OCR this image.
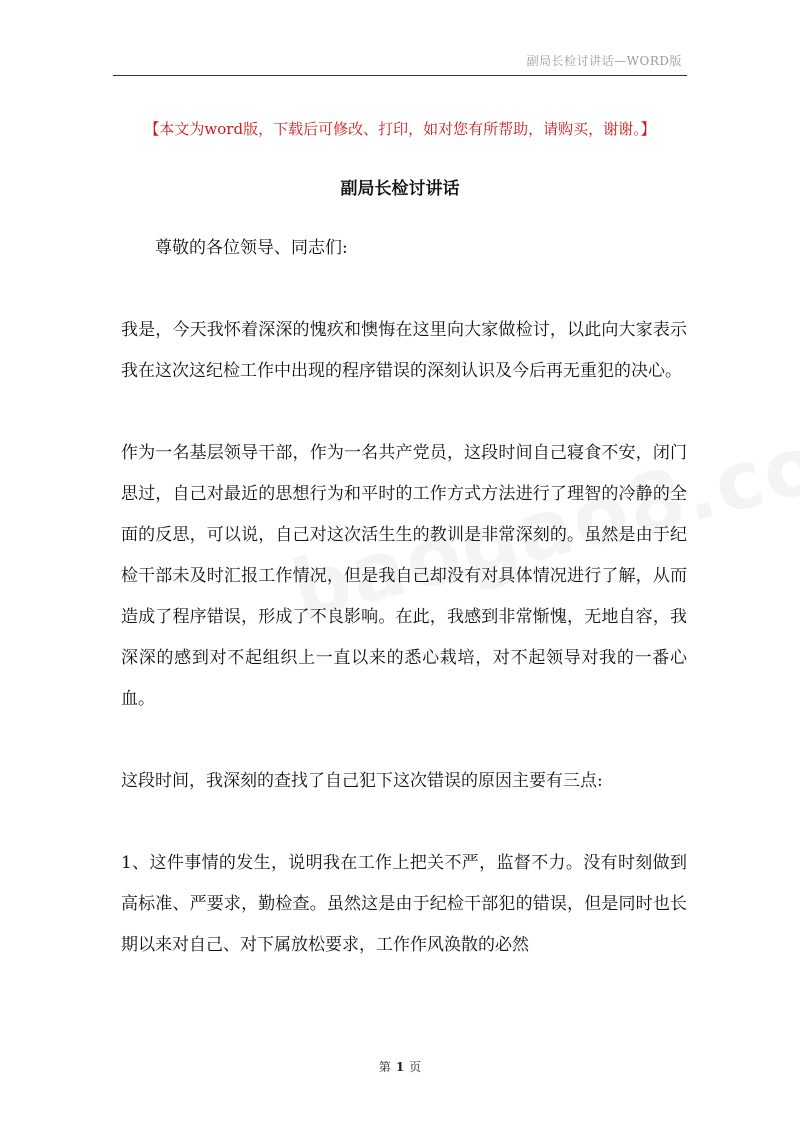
副局长检讨讲话—WORD版
【本文为word版，下载后可修改、打印，如对您有所帮助，请购买，谢谢。】
副局长检讨讲话

尊敬的各位领导、同志们:

我是，今天我怀着深深的愧疚和懊悔在这里向大家做检讨，以此向大家表示我在这次这纪检工作中出现的程序错误的深刻认识及今后再无重犯的决心。

作为一名基层领导干部，作为一名共产党员，这段时间自己寝食不安，闭门思过，自己对最近的思想行为和平时的工作方式方法进行了理智的冷静的全面的反思，可以说，自己对这次活生生的教训是非常深刻的。虽然是由于纪检干部未及时汇报工作情况，但是我自己却没有对具体情况进行了解，从而造成了程序错误，形成了不良影响。在此，我感到非常惭愧，无地自容，我深深的感到对不起组织上一直以来的悉心栽培，对不起领导对我的一番心血。

这段时间，我深刻的查找了自己犯下这次错误的原因主要有三点:

1、这件事情的发生，说明我在工作上把关不严，监督不力。没有时刻做到高标准、严要求，勤检查。虽然这是由于纪检干部犯的错误，但是同时也长期以来对自己、对下属放松要求，工作作风涣散的必然

第 1 页
